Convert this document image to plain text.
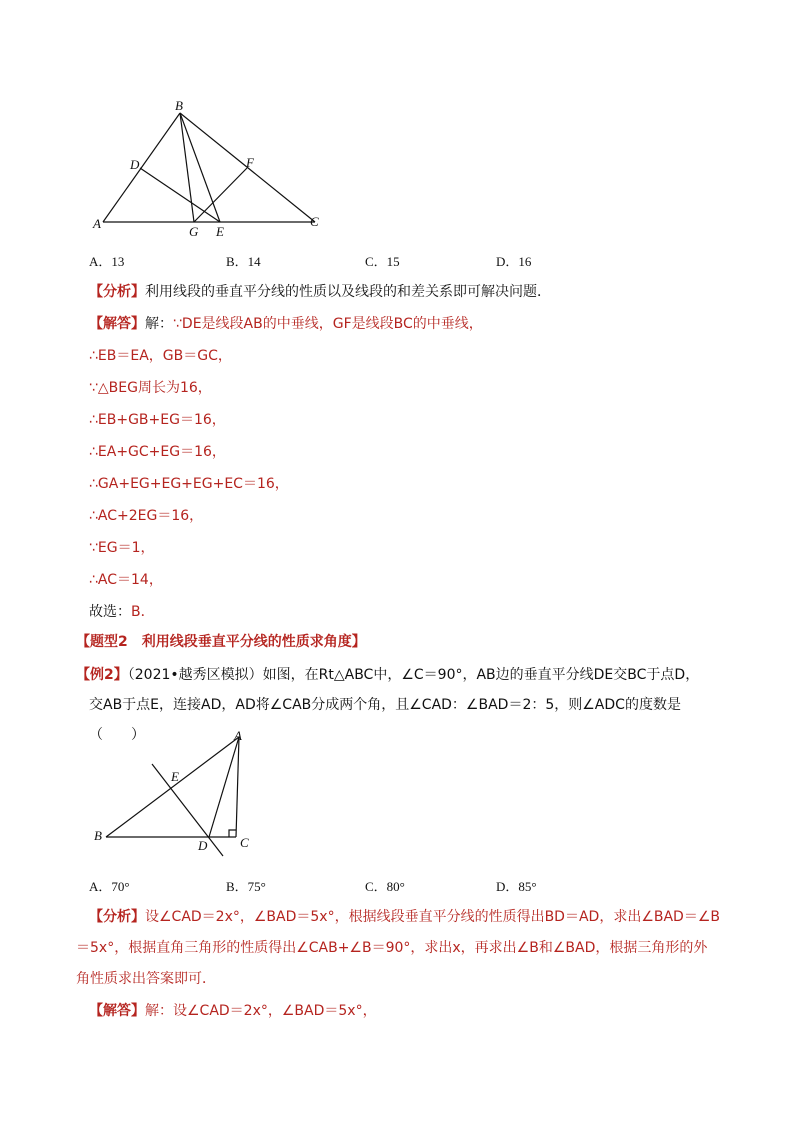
A
B
C
D
E
F
G
A．13	B．14	C．15	D．16
【分析】利用线段的垂直平分线的性质以及线段的和差关系即可解决问题．
【解答】解：∵DE是线段AB的中垂线，GF是线段BC的中垂线，
∴EB＝EA，GB＝GC，
∵△BEG周长为16，
∴EB+GB+EG＝16，
∴EA+GC+EG＝16，
∴GA+EG+EG+EG+EC＝16，
∴AC+2EG＝16，
∵EG＝1，
∴AC＝14，
故选：B．
【题型2　利用线段垂直平分线的性质求角度】
【例2】（2021•越秀区模拟）如图，在Rt△ABC中，∠C＝90°，AB边的垂直平分线DE交BC于点D，
交AB于点E，连接AD，AD将∠CAB分成两个角，且∠CAD：∠BAD＝2：5，则∠ADC的度数是（　　）
B
A
C
D
E
A．70°	B．75°	C．80°	D．85°
【分析】设∠CAD＝2x°，∠BAD＝5x°，根据线段垂直平分线的性质得出BD＝AD，求出∠BAD＝∠B
＝5x°，根据直角三角形的性质得出∠CAB+∠B＝90°，求出x，再求出∠B和∠BAD，根据三角形的外
角性质求出答案即可．
【解答】解：设∠CAD＝2x°，∠BAD＝5x°，
